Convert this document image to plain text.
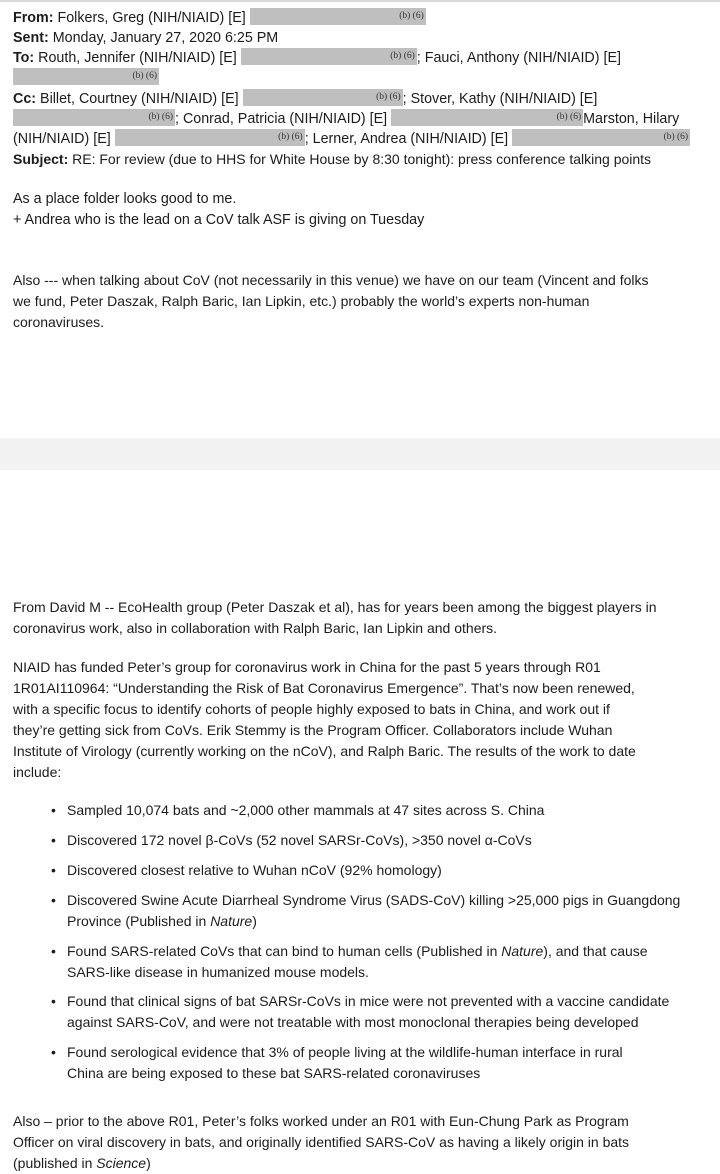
From: Folkers, Greg (NIH/NIAID) [E]	(b) (6)
Sent: Monday, January 27, 2020 6:25 PM
To: Routh, Jennifer (NIH/NIAID) [E]	(b) (6) ; Fauci, Anthony (NIH/NIAID) [E]
(b) (6)
Cc: Billet, Courtney (NIH/NIAID) [E]	(b) (6) ; Stover, Kathy (NIH/NIAID) [E]
(b) (6) ; Conrad, Patricia (NIH/NIAID) [E]	(b) (6) Marston, Hilary
(NIH/NIAID) [E]	(b) (6) ; Lerner, Andrea (NIH/NIAID) [E]	(b) (6)
Subject: RE: For review (due to HHS for White House by 8:30 tonight): press conference talking points
As a place folder looks good to me.
+ Andrea who is the lead on a CoV talk ASF is giving on Tuesday
Also --- when talking about CoV (not necessarily in this venue) we have on our team (Vincent and folks
we fund, Peter Daszak, Ralph Baric, Ian Lipkin, etc.) probably the world’s experts non-human
coronaviruses.
From David M -- EcoHealth group (Peter Daszak et al), has for years been among the biggest players in
coronavirus work, also in collaboration with Ralph Baric, Ian Lipkin and others.
NIAID has funded Peter’s group for coronavirus work in China for the past 5 years through R01
1R01AI110964: “Understanding the Risk of Bat Coronavirus Emergence”. That’s now been renewed,
with a specific focus to identify cohorts of people highly exposed to bats in China, and work out if
they’re getting sick from CoVs. Erik Stemmy is the Program Officer. Collaborators include Wuhan
Institute of Virology (currently working on the nCoV), and Ralph Baric. The results of the work to date
include:
• Sampled 10,074 bats and ~2,000 other mammals at 47 sites across S. China
• Discovered 172 novel β-CoVs (52 novel SARSr-CoVs), >350 novel α-CoVs
• Discovered closest relative to Wuhan nCoV (92% homology)
• Discovered Swine Acute Diarrheal Syndrome Virus (SADS-CoV) killing >25,000 pigs in Guangdong
Province (Published in Nature)
• Found SARS-related CoVs that can bind to human cells (Published in Nature), and that cause
SARS-like disease in humanized mouse models.
• Found that clinical signs of bat SARSr-CoVs in mice were not prevented with a vaccine candidate
against SARS-CoV, and were not treatable with most monoclonal therapies being developed
• Found serological evidence that 3% of people living at the wildlife-human interface in rural
China are being exposed to these bat SARS-related coronaviruses
Also – prior to the above R01, Peter’s folks worked under an R01 with Eun-Chung Park as Program
Officer on viral discovery in bats, and originally identified SARS-CoV as having a likely origin in bats
(published in Science)
